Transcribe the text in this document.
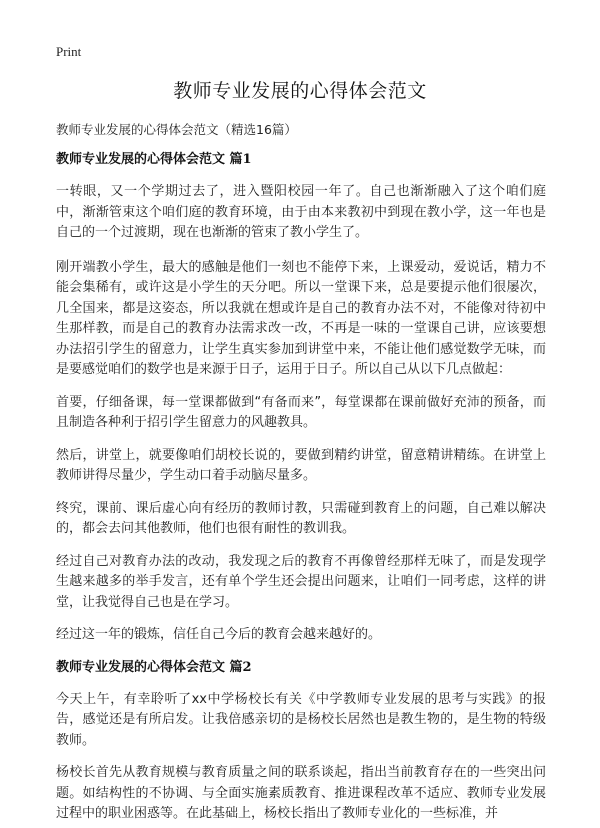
Print
教师专业发展的心得体会范文
教师专业发展的心得体会范文（精选16篇）
教师专业发展的心得体会范文 篇1

一转眼，又一个学期过去了，进入暨阳校园一年了。自己也渐渐融入了这个咱们庭中，渐渐管束这个咱们庭的教育环境，由于由本来教初中到现在教小学，这一年也是自己的一个过渡期，现在也渐渐的管束了教小学生了。

刚开端教小学生，最大的感触是他们一刻也不能停下来，上课爱动，爱说话，精力不能会集稀有，或许这是小学生的天分吧。所以一堂课下来，总是要提示他们很屡次，几全国来，都是这姿态，所以我就在想或许是自己的教育办法不对，不能像对待初中生那样教，而是自己的教育办法需求改一改，不再是一味的一堂课自己讲，应该要想办法招引学生的留意力，让学生真实参加到讲堂中来，不能让他们感觉数学无味，而是要感觉咱们的数学也是来源于日子，运用于日子。所以自己从以下几点做起：

首要，仔细备课，每一堂课都做到“有备而来”，每堂课都在课前做好充沛的预备，而且制造各种利于招引学生留意力的风趣教具。

然后，讲堂上，就要像咱们胡校长说的，要做到精约讲堂，留意精讲精练。在讲堂上教师讲得尽量少，学生动口着手动脑尽量多。

终究，课前、课后虚心向有经历的教师讨教，只需碰到教育上的问题，自己难以解决的，都会去问其他教师，他们也很有耐性的教训我。

经过自己对教育办法的改动，我发现之后的教育不再像曾经那样无味了，而是发现学生越来越多的举手发言，还有单个学生还会提出问题来，让咱们一同考虑，这样的讲堂，让我觉得自己也是在学习。

经过这一年的锻炼，信任自己今后的教育会越来越好的。

教师专业发展的心得体会范文 篇2

今天上午，有幸聆听了xx中学杨校长有关《中学教师专业发展的思考与实践》的报告，感觉还是有所启发。让我倍感亲切的是杨校长居然也是教生物的，是生物的特级教师。

杨校长首先从教育规模与教育质量之间的联系谈起，指出当前教育存在的一些突出问题。如结构性的不协调、与全面实施素质教育、推进课程改革不适应、教师专业发展过程中的职业困惑等。在此基础上，杨校长指出了教师专业化的一些标准，并
